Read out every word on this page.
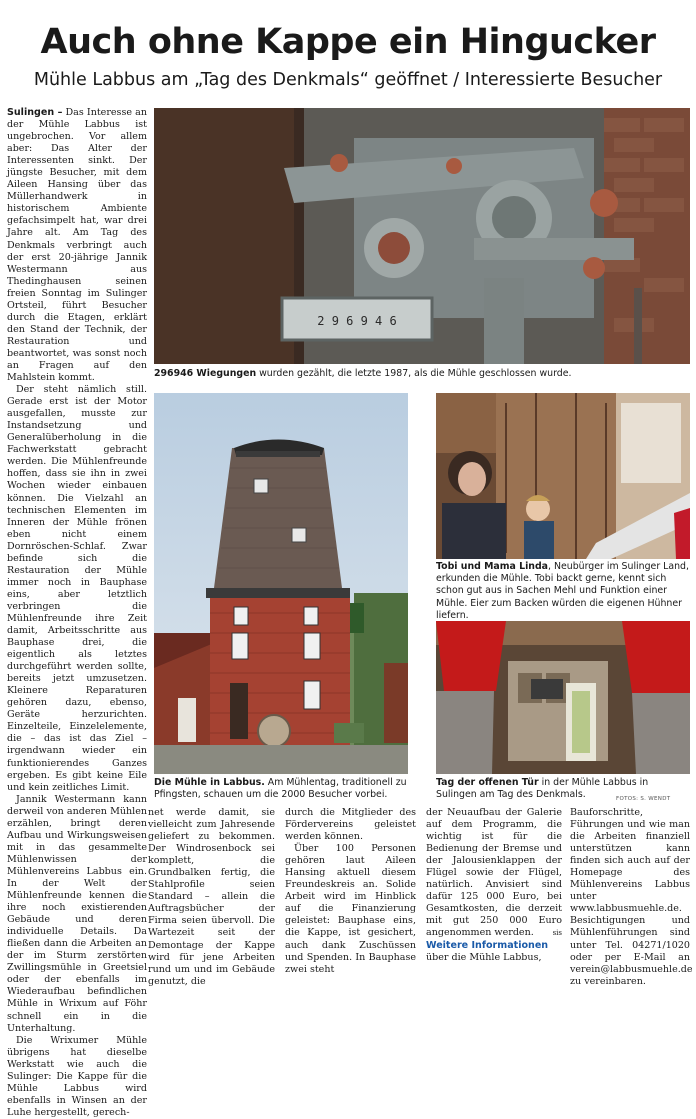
Auch ohne Kappe ein Hingucker
Mühle Labbus am „Tag des Denkmals“ geöffnet / Interessierte Besucher

Sulingen – Das Interesse an der Mühle Labbus ist ungebrochen. Vor allem aber: Das Alter der Interessenten sinkt. Der jüngste Besucher, mit dem Aileen Hansing über das Müllerhandwerk in historischem Ambiente gefachsimpelt hat, war drei Jahre alt. Am Tag des Denkmals verbringt auch der erst 20-jährige Jannik Westermann aus Thedinghausen seinen freien Sonntag im Sulinger Ortsteil, führt Besucher durch die Etagen, erklärt den Stand der Technik, der Restauration und beantwortet, was sonst noch an Fragen auf den Mahlstein kommt.

Der steht nämlich still. Gerade erst ist der Motor ausgefallen, musste zur Instandsetzung und Generalüberholung in die Fachwerkstatt gebracht werden. Die Mühlenfreunde hoffen, dass sie ihn in zwei Wochen wieder einbauen können. Die Vielzahl an technischen Elementen im Inneren der Mühle frönen eben nicht einem Dornröschen-Schlaf. Zwar befinde sich die Restauration der Mühle immer noch in Bauphase eins, aber letztlich verbringen die Mühlenfreunde ihre Zeit damit, Arbeitsschritte aus Bauphase drei, die eigentlich als letztes durchgeführt werden sollte, bereits jetzt umzusetzen. Kleinere Reparaturen gehören dazu, ebenso, Geräte herzurichten. Einzelteile, Einzelelemente, die – das ist das Ziel – irgendwann wieder ein funktionierendes Ganzes ergeben. Es gibt keine Eile und kein zeitliches Limit.

Jannik Westermann kann derweil von anderen Mühlen erzählen, bringt deren Aufbau und Wirkungsweisen mit in das gesammelte Mühlenwissen der Mühlenvereins Labbus ein. In der Welt der Mühlenfreunde kennen die ihre noch existierenden Gebäude und deren individuelle Details. Da fließen dann die Arbeiten an der im Sturm zerstörten Zwillingsmühle in Greetsiel oder der ebenfalls im Wiederaufbau befindlichen Mühle in Wrixum auf Föhr schnell ein in die Unterhaltung.

Die Wrixumer Mühle übrigens hat dieselbe Werkstatt wie auch die Sulinger: Die Kappe für die Mühle Labbus wird ebenfalls in Winsen an der Luhe hergestellt, gerech-

2 9 6 9 4 6
296946 Wiegungen wurden gezählt, die letzte 1987, als die Mühle geschlossen wurde.
Die Mühle in Labbus. Am Mühlentag, traditionell zu Pfingsten, schauen um die 2000 Besucher vorbei.
Tobi und Mama Linda, Neubürger im Sulinger Land, erkunden die Mühle. Tobi backt gerne, kennt sich schon gut aus in Sachen Mehl und Funktion einer Mühle. Eier zum Backen würden die eigenen Hühner liefern.
Tag der offenen Tür in der Mühle Labbus in Sulingen am Tag des Denkmals.	FOTOS: S. WENDT

net werde damit, sie vielleicht zum Jahresende geliefert zu bekommen. Der Windrosenbock sei komplett, die Grundbalken fertig, die Stahlprofile seien Standard – allein die Auftragsbücher der Firma seien übervoll. Die Wartezeit seit der Demontage der Kappe wird für jene Arbeiten rund um und im Gebäude genutzt, die

durch die Mitglieder des Fördervereins geleistet werden können.

Über 100 Personen gehören laut Aileen Hansing aktuell diesem Freundeskreis an. Solide Arbeit wird im Hinblick auf die Finanzierung geleistet: Bauphase eins, die Kappe, ist gesichert, auch dank Zuschüssen und Spenden. In Bauphase zwei steht

der Neuaufbau der Galerie auf dem Programm, die wichtig ist für die Bedienung der Bremse und der Jalousienklappen der Flügel sowie der Flügel, natürlich. Anvisiert sind dafür 125 000 Euro, bei Gesamtkosten, die derzeit mit gut 250 000 Euro angenommen werden.	sis

Weitere Informationen

über die Mühle Labbus,

Bauforschritte, Führungen und wie man die Arbeiten finanziell unterstützen kann finden sich auch auf der Homepage des Mühlenvereins Labbus unter www.labbusmuehle.de. Besichtigungen und Mühlenführungen sind unter Tel. 04271/1020 oder per E-Mail an verein@labbusmuehle.de zu vereinbaren.
